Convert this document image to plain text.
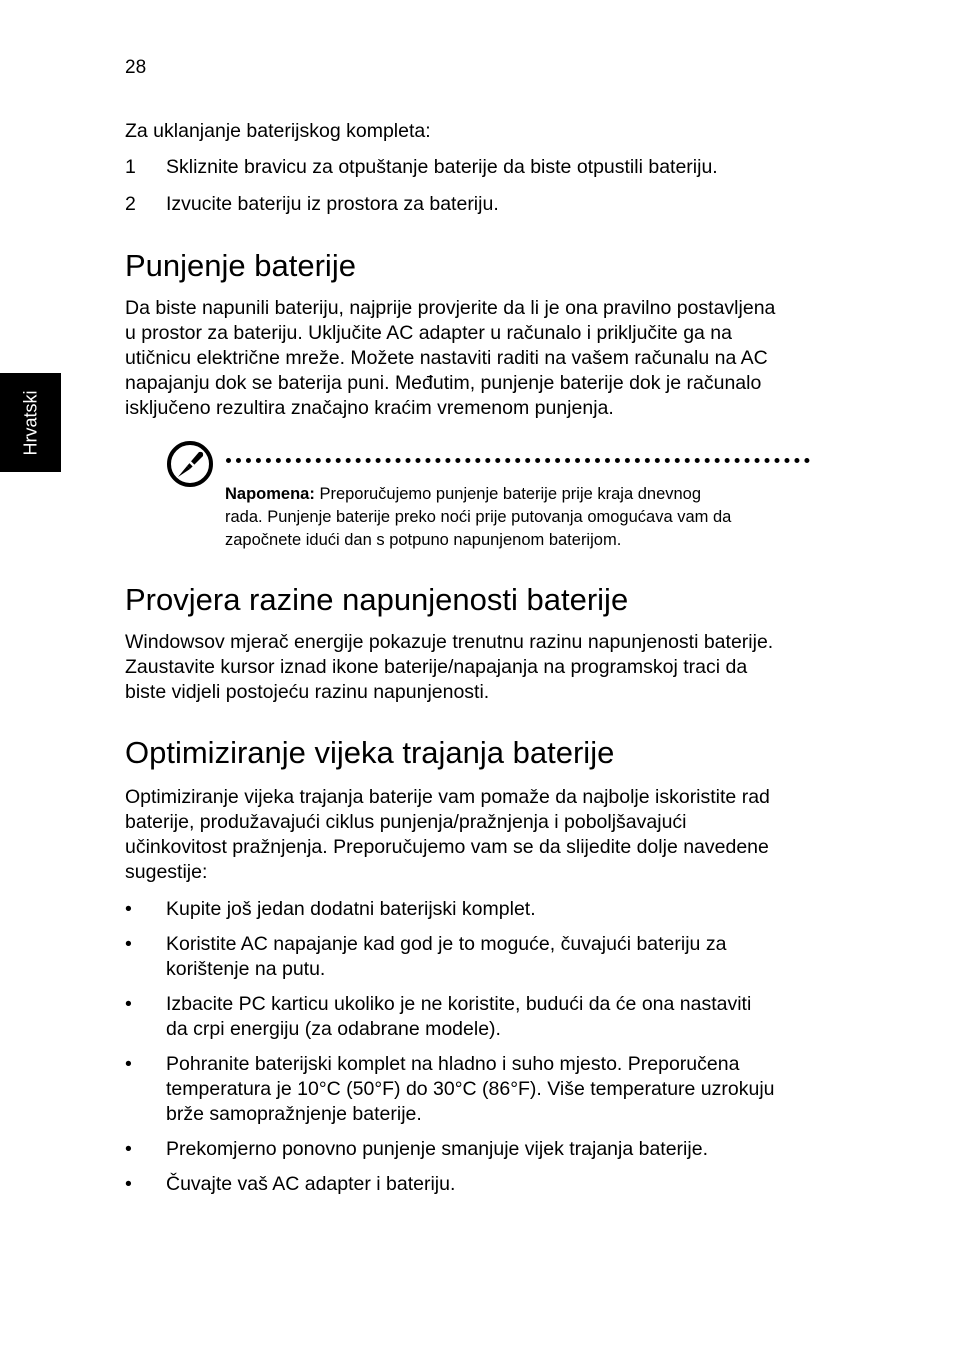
28
Hrvatski
Za uklanjanje baterijskog kompleta:
1 Skliznite bravicu za otpuštanje baterije da biste otpustili bateriju.
2 Izvucite bateriju iz prostora za bateriju.
Punjenje baterije
Da biste napunili bateriju, najprije provjerite da li je ona pravilno postavljena
u prostor za bateriju. Uključite AC adapter u računalo i priključite ga na
utičnicu električne mreže. Možete nastaviti raditi na vašem računalu na AC
napajanju dok se baterija puni. Međutim, punjenje baterije dok je računalo
isključeno rezultira značajno kraćim vremenom punjenja.
Napomena: Preporučujemo punjenje baterije prije kraja dnevnog
rada. Punjenje baterije preko noći prije putovanja omogućava vam da
započnete idući dan s potpuno napunjenom baterijom.
Provjera razine napunjenosti baterije
Windowsov mjerač energije pokazuje trenutnu razinu napunjenosti baterije.
Zaustavite kursor iznad ikone baterije/napajanja na programskoj traci da
biste vidjeli postojeću razinu napunjenosti.
Optimiziranje vijeka trajanja baterije
Optimiziranje vijeka trajanja baterije vam pomaže da najbolje iskoristite rad
baterije, produžavajući ciklus punjenja/pražnjenja i poboljšavajući
učinkovitost pražnjenja. Preporučujemo vam se da slijedite dolje navedene
sugestije:
• Kupite još jedan dodatni baterijski komplet.
• Koristite AC napajanje kad god je to moguće, čuvajući bateriju za
korištenje na putu.
• Izbacite PC karticu ukoliko je ne koristite, budući da će ona nastaviti
da crpi energiju (za odabrane modele).
• Pohranite baterijski komplet na hladno i suho mjesto. Preporučena
temperatura je 10°C (50°F) do 30°C (86°F). Više temperature uzrokuju
brže samopražnjenje baterije.
• Prekomjerno ponovno punjenje smanjuje vijek trajanja baterije.
• Čuvajte vaš AC adapter i bateriju.
